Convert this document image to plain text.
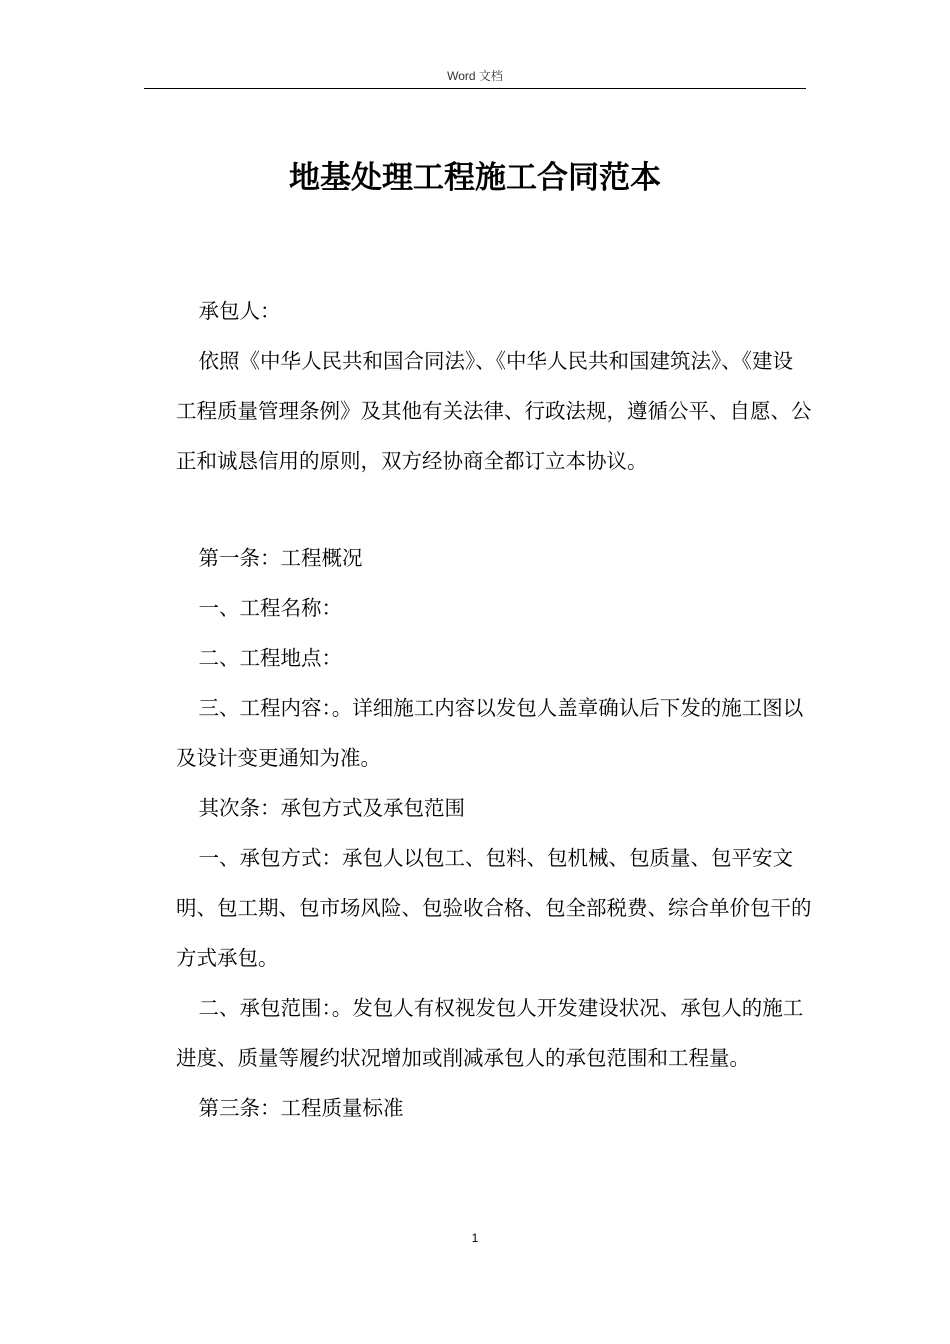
Word 文档
地基处理工程施工合同范本

承包人：

依照《中华人民共和国合同法》、《中华人民共和国建筑法》、《建设工程质量管理条例》及其他有关法律、行政法规，遵循公平、自愿、公正和诚恳信用的原则，双方经协商全都订立本协议。

第一条：工程概况

一、工程名称：

二、工程地点：

三、工程内容：。详细施工内容以发包人盖章确认后下发的施工图以及设计变更通知为准。

其次条：承包方式及承包范围

一、承包方式：承包人以包工、包料、包机械、包质量、包平安文明、包工期、包市场风险、包验收合格、包全部税费、综合单价包干的方式承包。

二、承包范围：。发包人有权视发包人开发建设状况、承包人的施工进度、质量等履约状况增加或削减承包人的承包范围和工程量。

第三条：工程质量标准

1
